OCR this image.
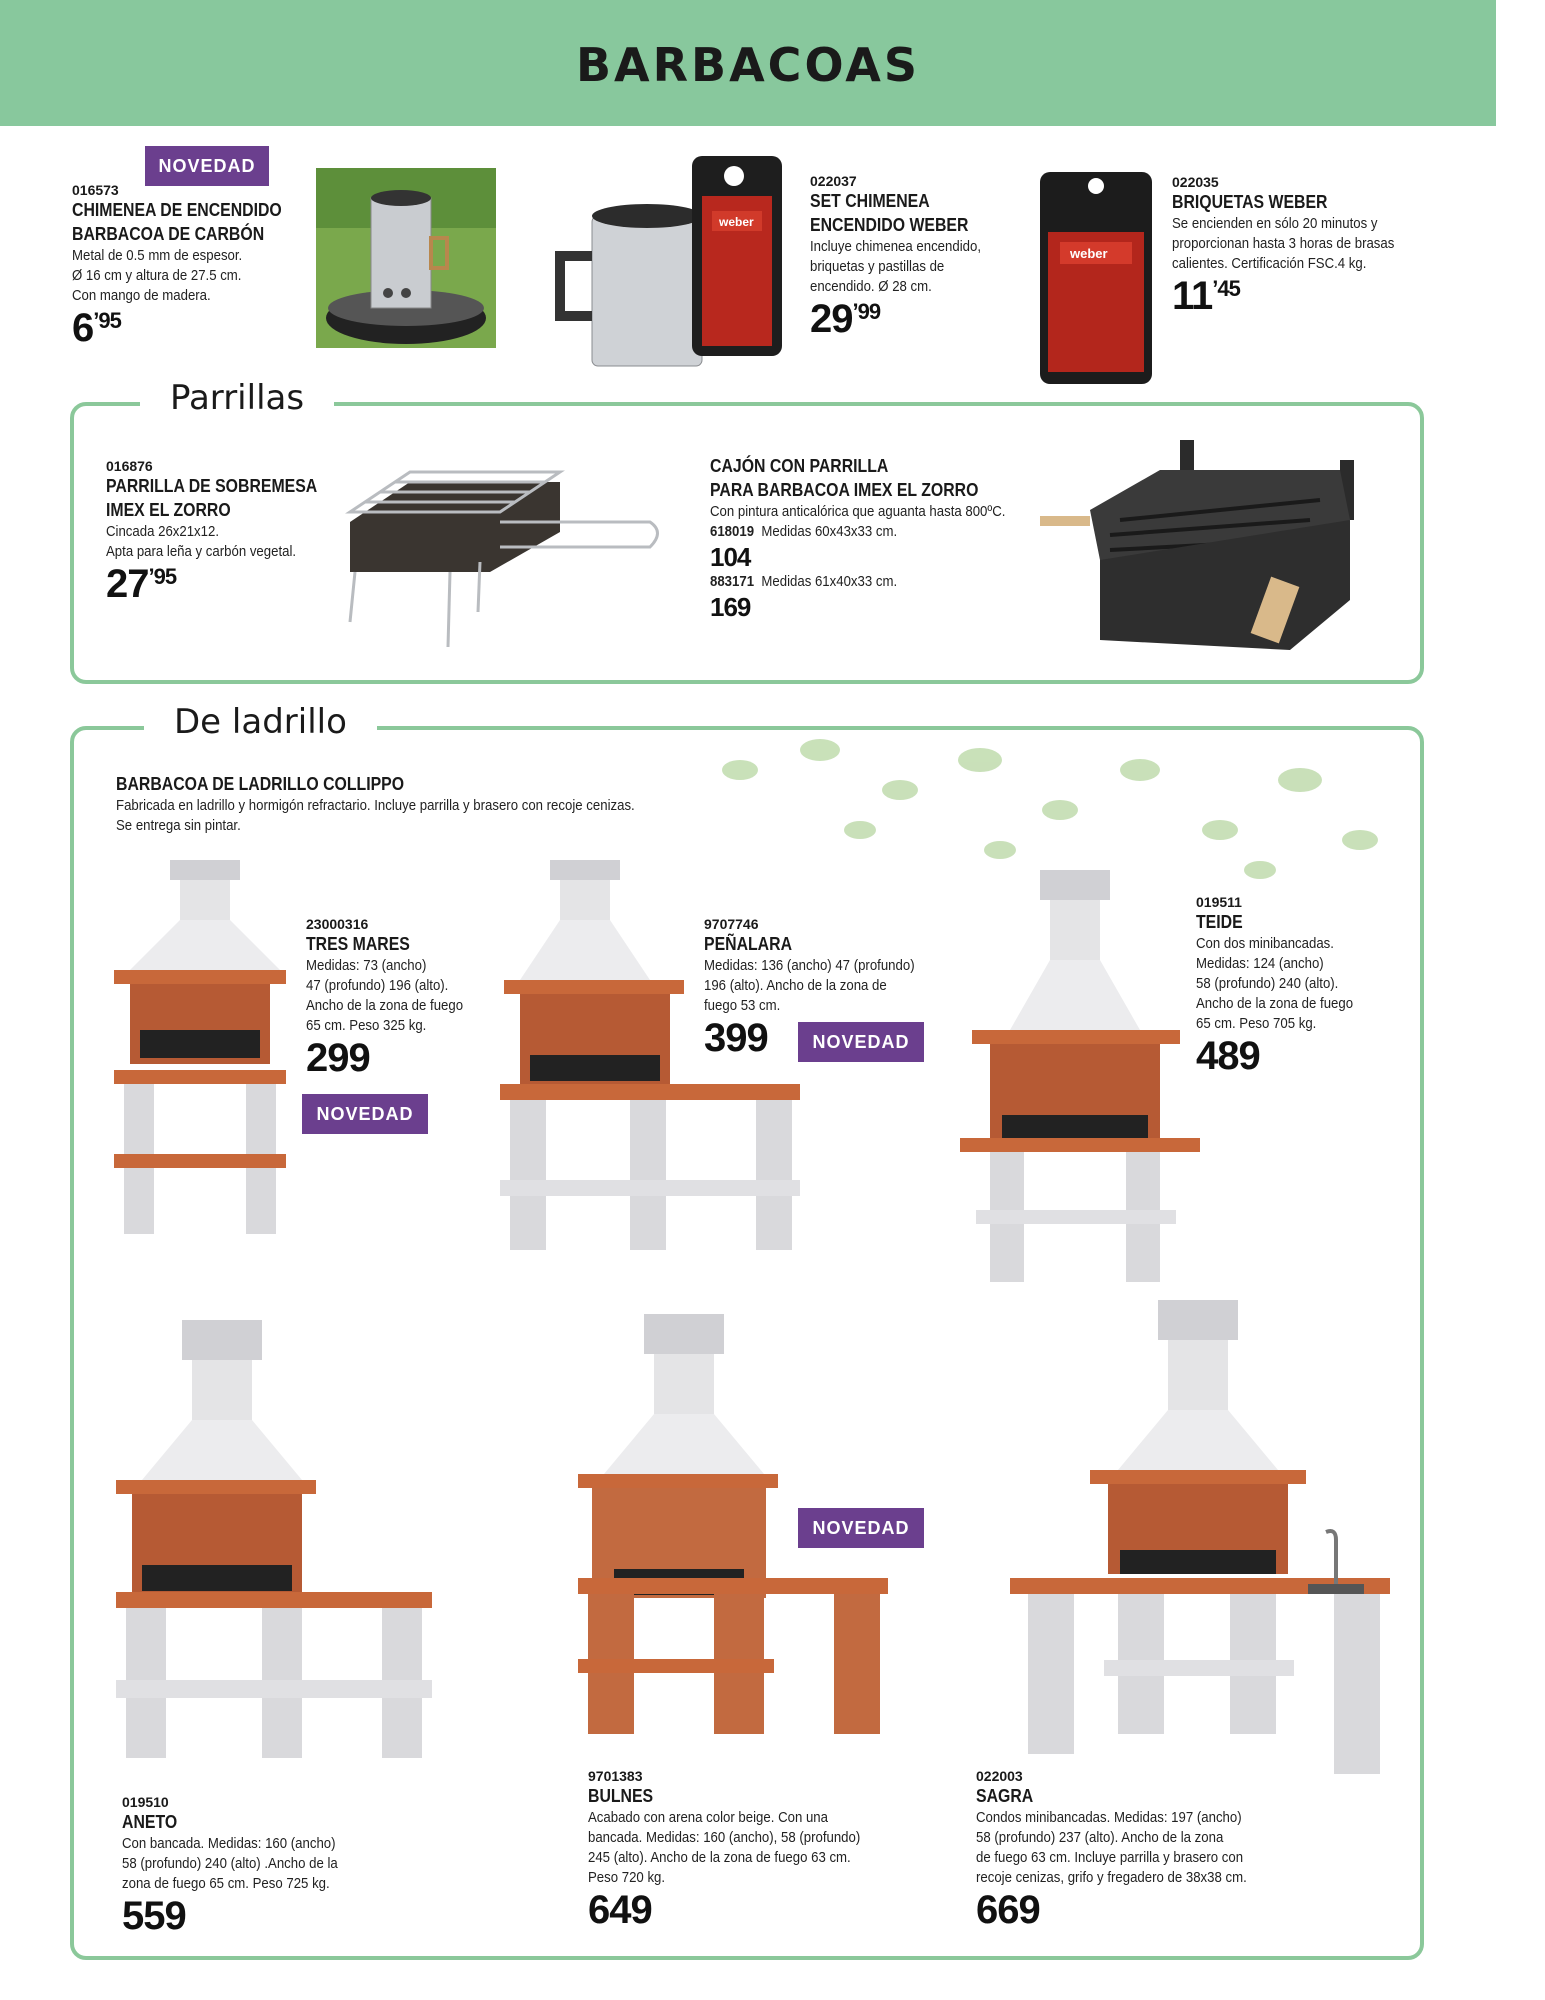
BARBACOAS
NOVEDAD
016573
CHIMENEA DE ENCENDIDO
BARBACOA DE CARBÓN
Metal de 0.5 mm de espesor.
Ø 16 cm y altura de 27.5 cm.
Con mango de madera.
$6^{’95}$
weber
022037
SET CHIMENEA
ENCENDIDO WEBER
Incluye chimenea encendido,
briquetas y pastillas de
encendido. Ø 28 cm.
$29^{’99}$
weber
022035
BRIQUETAS WEBER
Se encienden en sólo 20 minutos y
proporcionan hasta 3 horas de brasas
calientes. Certificación FSC.4 kg.
$11^{’45}$
Parrillas
016876
PARRILLA DE SOBREMESA
IMEX EL ZORRO
Cincada 26x21x12.
Apta para leña y carbón vegetal.
$27^{’95}$
CAJÓN CON PARRILLA
PARA BARBACOA IMEX EL ZORRO
Con pintura anticalórica que aguanta hasta 800ºC.
618019 Medidas 60x43x33 cm.
104
883171 Medidas 61x40x33 cm.
169
De ladrillo
BARBACOA DE LADRILLO COLLIPPO
Fabricada en ladrillo y hormigón refractario. Incluye parrilla y brasero con recoje cenizas.
Se entrega sin pintar.
23000316
TRES MARES
Medidas: 73 (ancho)
47 (profundo) 196 (alto).
Ancho de la zona de fuego
65 cm. Peso 325 kg.
299
NOVEDAD
9707746
PEÑALARA
Medidas: 136 (ancho) 47 (profundo)
196 (alto). Ancho de la zona de
fuego 53 cm.
399	NOVEDAD
019511
TEIDE
Con dos minibancadas.
Medidas: 124 (ancho)
58 (profundo) 240 (alto).
Ancho de la zona de fuego
65 cm. Peso 705 kg.
489
019510
ANETO
Con bancada. Medidas: 160 (ancho)
58 (profundo) 240 (alto) .Ancho de la
zona de fuego 65 cm. Peso 725 kg.
559
NOVEDAD
9701383
BULNES
Acabado con arena color beige. Con una
bancada. Medidas: 160 (ancho), 58 (profundo)
245 (alto). Ancho de la zona de fuego 63 cm.
Peso 720 kg.
649
022003
SAGRA
Condos minibancadas. Medidas: 197 (ancho)
58 (profundo) 237 (alto). Ancho de la zona
de fuego 63 cm. Incluye parrilla y brasero con
recoje cenizas, grifo y fregadero de 38x38 cm.
669
